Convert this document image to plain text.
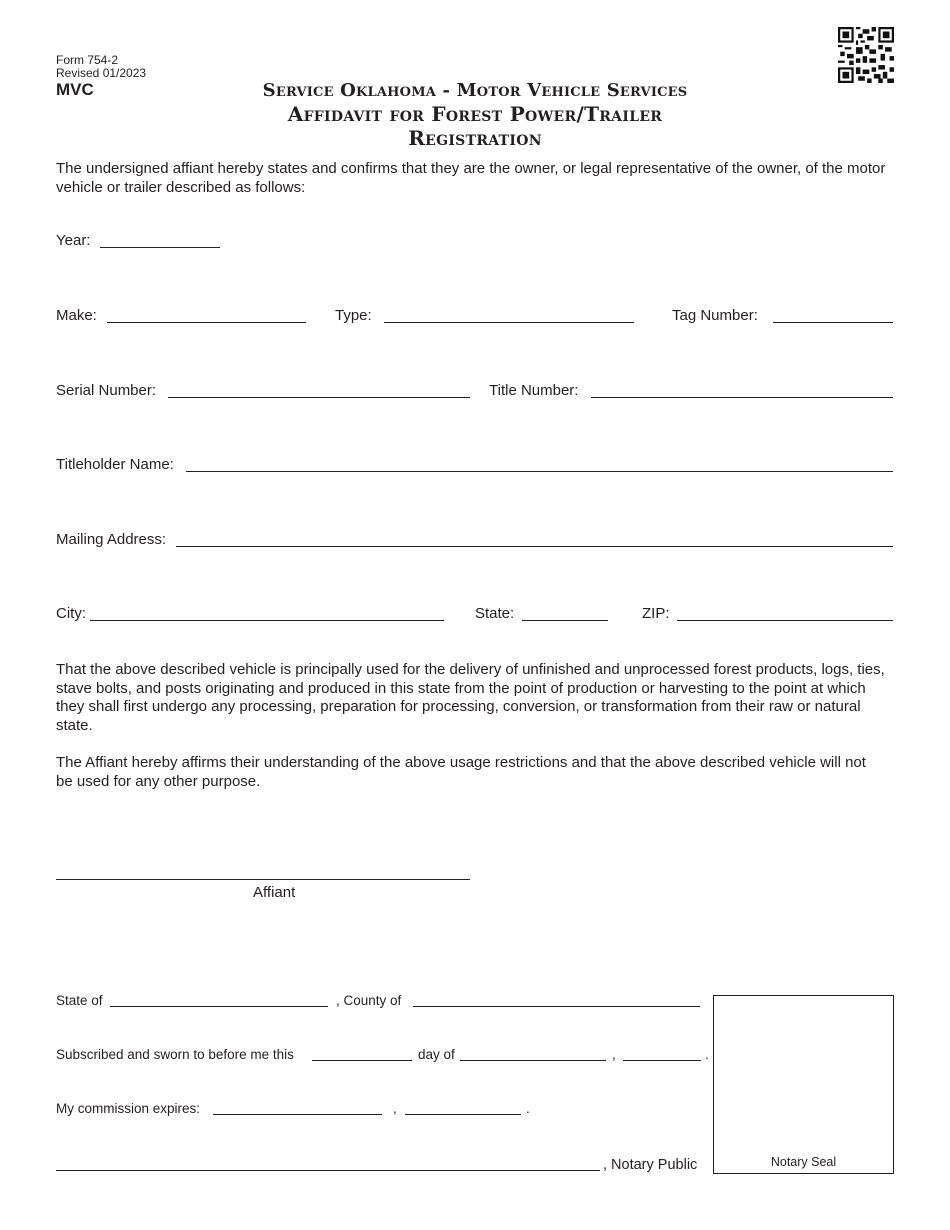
Form 754-2
Revised 01/2023
MVC	Service Oklahoma - Motor Vehicle Services
Affidavit for Forest Power/Trailer
Registration
The undersigned affiant hereby states and confirms that they are the owner, or legal representative of the owner, of the motor vehicle or trailer described as follows:
Year:
Make:	Type:	Tag Number:
Serial Number:	Title Number:
Titleholder Name:
Mailing Address:
City:	State:	ZIP:
That the above described vehicle is principally used for the delivery of unfinished and unprocessed forest products, logs, ties, stave bolts, and posts originating and produced in this state from the point of production or harvesting to the point at which they shall first undergo any processing, preparation for processing, conversion, or transformation from their raw or natural state.
The Affiant hereby affirms their understanding of the above usage restrictions and that the above described vehicle will not be used for any other purpose.
Affiant
State of	, County of
Subscribed and sworn to before me this	day of	,	.
My commission expires:	,	.
, Notary Public	Notary Seal
